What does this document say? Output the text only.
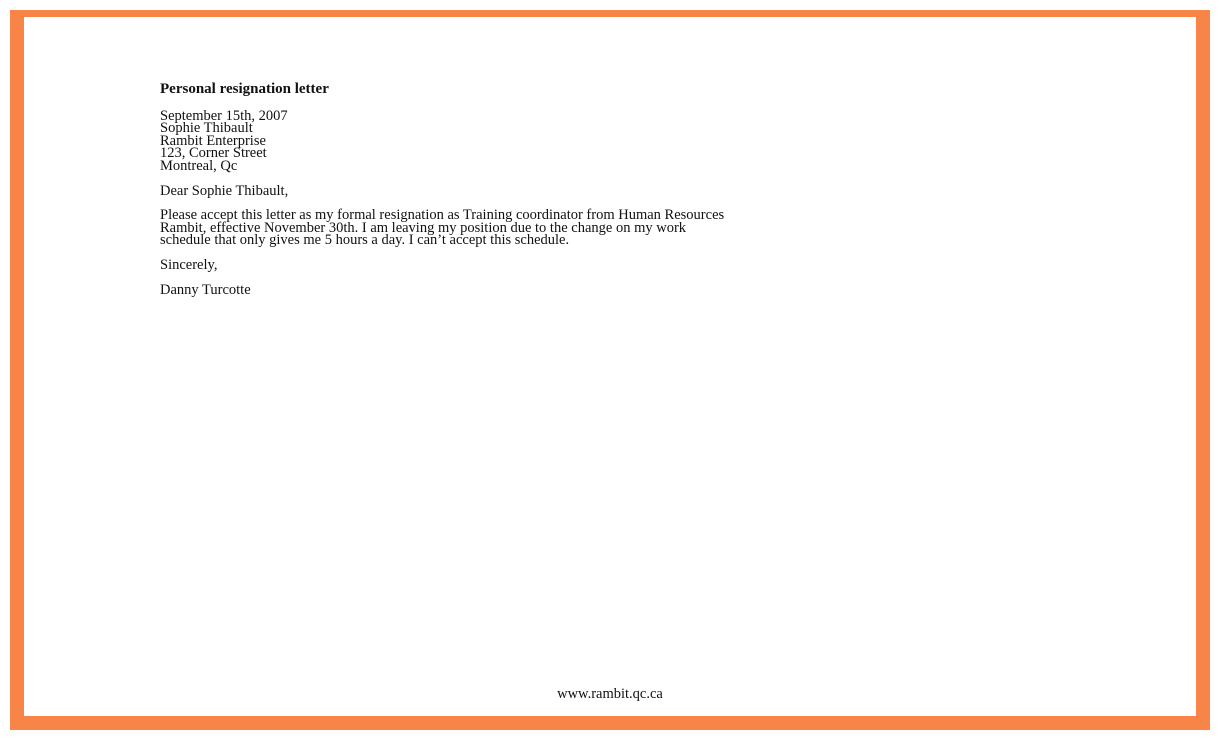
Personal resignation letter
September 15th, 2007
Sophie Thibault
Rambit Enterprise
123, Corner Street
Montreal, Qc
Dear Sophie Thibault,
Please accept this letter as my formal resignation as Training coordinator from Human Resources
Rambit, effective November 30th. I am leaving my position due to the change on my work
schedule that only gives me 5 hours a day. I can’t accept this schedule.
Sincerely,
Danny Turcotte
www.rambit.qc.ca
